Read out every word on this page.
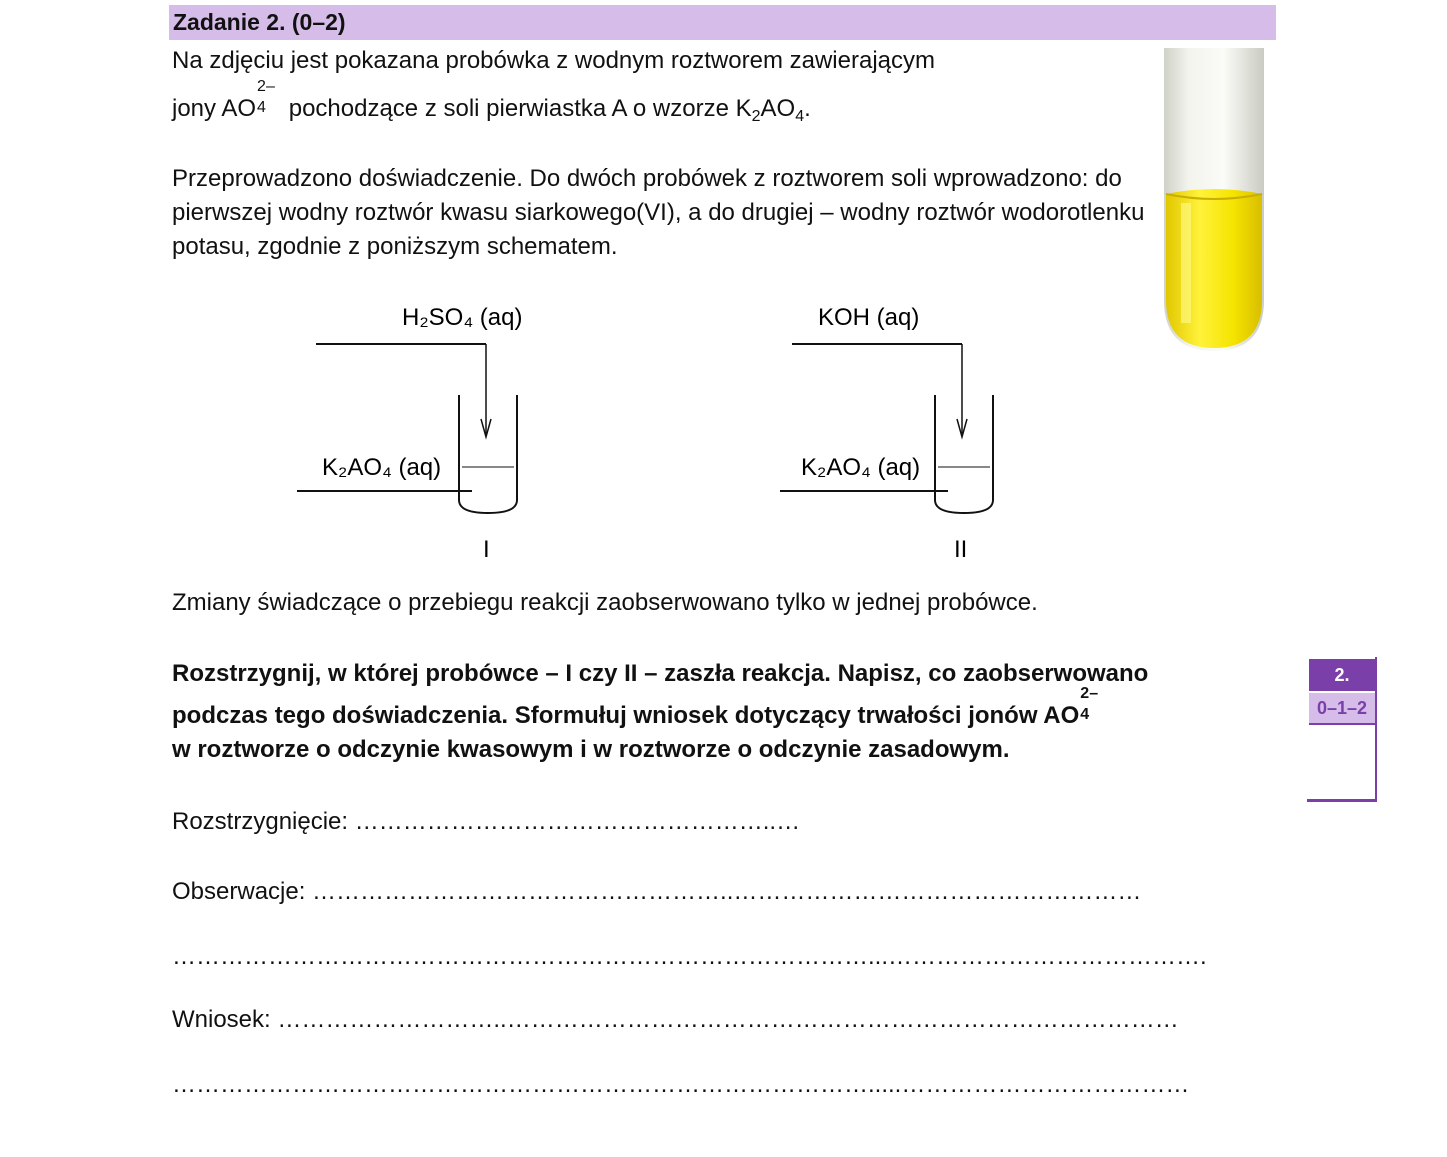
Zadanie 2. (0–2)

Na zdjęciu jest pokazana probówka z wodnym roztworem zawierającym
jony AO
2–
4 pochodzące z soli pierwiastka A o wzorze $K_2AO_4$.

Przeprowadzono doświadczenie. Do dwóch probówek z roztworem soli wprowadzono: do pierwszej wodny roztwór kwasu siarkowego(VI), a do drugiej – wodny roztwór wodorotlenku potasu, zgodnie z poniższym schematem.

H₂SO₄ (aq)
K₂AO₄ (aq)
I
KOH (aq)
K₂AO₄ (aq)
II

Zmiany świadczące o przebiegu reakcji zaobserwowano tylko w jednej probówce.

Rozstrzygnij, w której probówce – I czy II – zaszła reakcja. Napisz, co zaobserwowano
podczas tego doświadczenia. Sformułuj wniosek dotyczący trwałości jonów AO
2–
4
w roztworze o odczynie kwasowym i w roztworze o odczynie zasadowym.

Rozstrzygnięcie: ……………………………………………..…
Obserwacje: ……………………………………………..……………………………………………
……………………………………………………………………………...………………………………….
Wniosek: ………………………..…………………………………………………………………………
…………………………………………………………………………….....………………………………
2.
0–1–2
